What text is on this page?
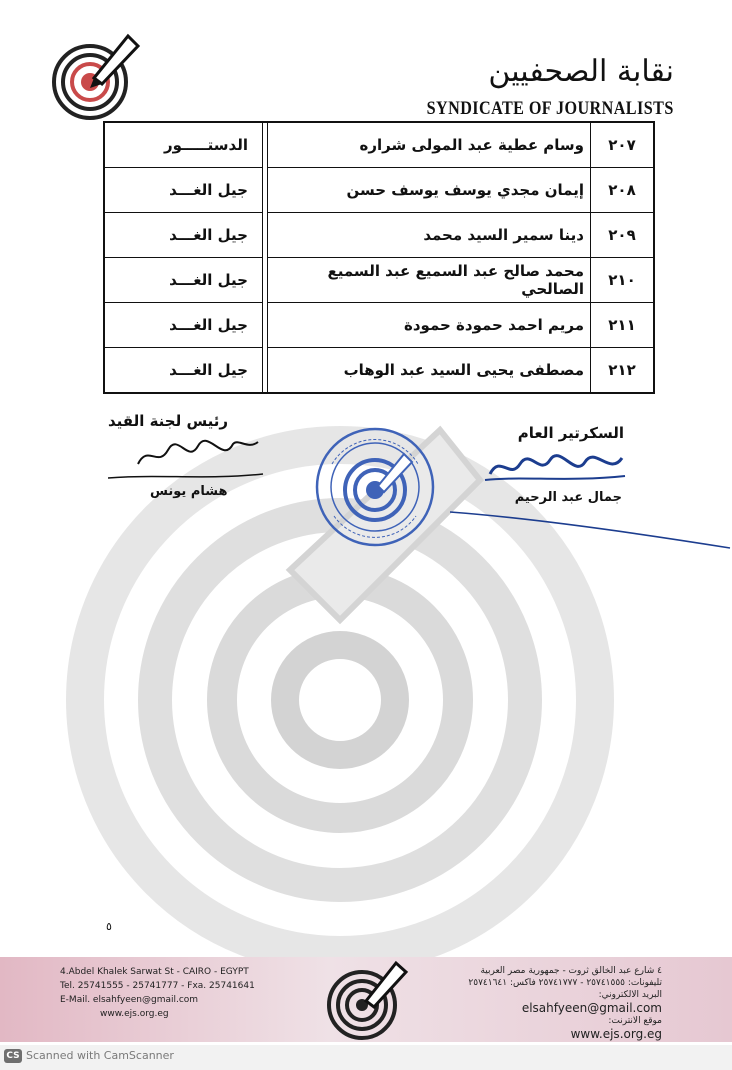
نقابة الصحفيين
SYNDICATE OF JOURNALISTS
٢٠٧	وسام عطية عبد المولى شراره		الدستـــــور
٢٠٨	إيمان مجدي يوسف يوسف حسن		جيل الغـــد
٢٠٩	دينا سمير السيد محمد		جيل الغـــد
٢١٠	محمد صالح عبد السميع عبد السميع الصالحي		جيل الغـــد
٢١١	مريم احمد حمودة حمودة		جيل الغـــد
٢١٢	مصطفى يحيى السيد عبد الوهاب		جيل الغـــد
السكرتير العام
جمال عبد الرحيم
رئيس لجنة القيد
هشام يونس
٥
4.Abdel Khalek Sarwat St - CAIRO - EGYPT
Tel. 25741555 - 25741777 - Fxa. 25741641
E-Mail. elsahfyeen@gmail.com
www.ejs.org.eg
٤ شارع عبد الخالق ثروت - جمهورية مصر العربية
تليفونات: ٢٥٧٤١٥٥٥ - ٢٥٧٤١٧٧٧ فاكس: ٢٥٧٤١٦٤١
البريد الالكتروني:
elsahfyeen@gmail.com
موقع الانترنت:
www.ejs.org.eg
CS Scanned with CamScanner
